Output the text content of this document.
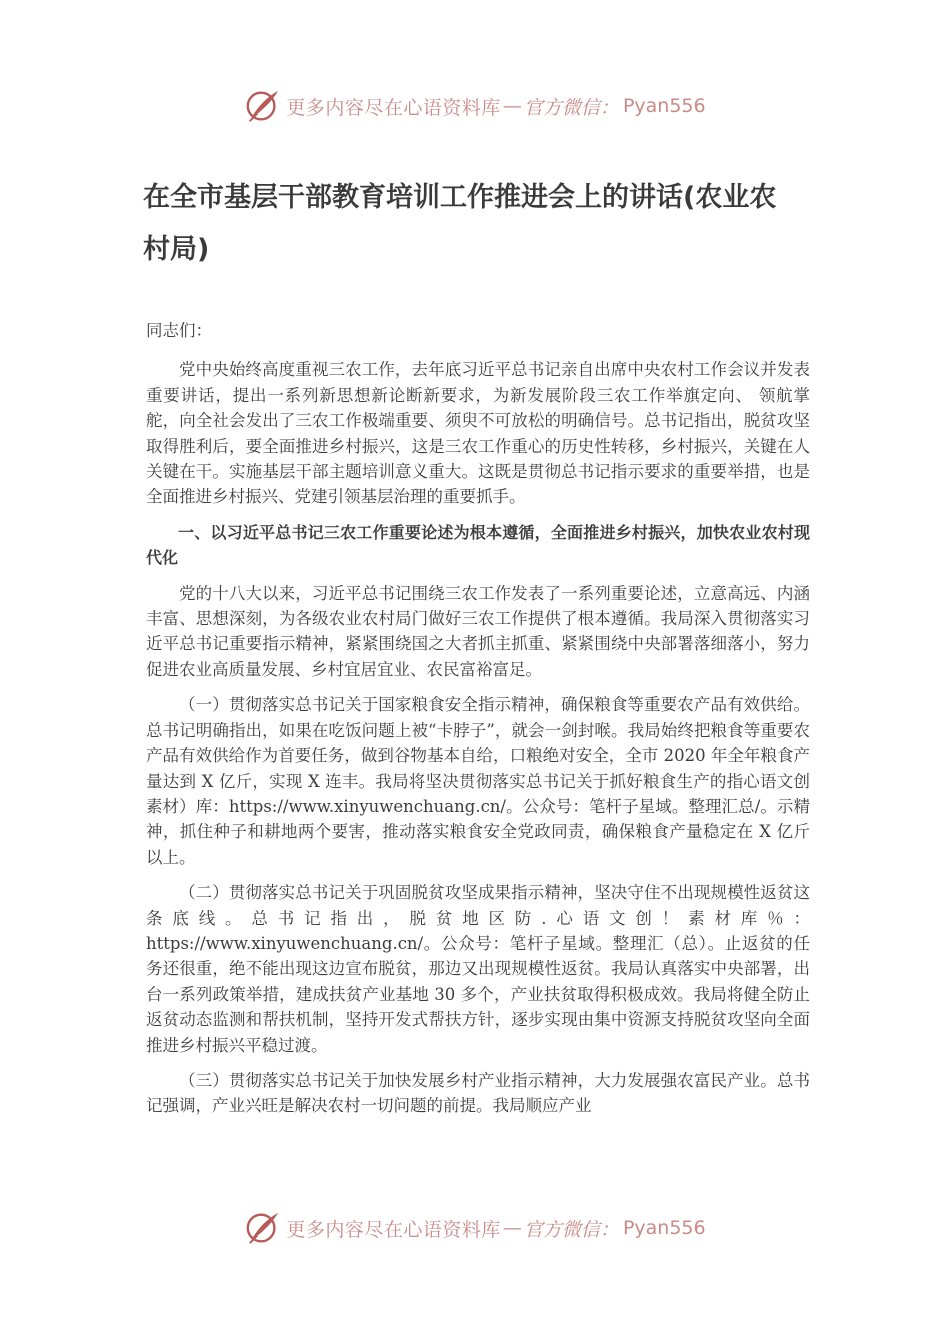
更多内容尽在心语资料库 — 官方微信： Pyan556
在全市基层干部教育培训工作推进会上的讲话(农业农村局)

同志们：

党中央始终高度重视三农工作，去年底习近平总书记亲自出席中央农村工作会议并发表重要讲话，提出一系列新思想新论断新要求，为新发展阶段三农工作举旗定向、 领航掌舵，向全社会发出了三农工作极端重要、须臾不可放松的明确信号。总书记指出，脱贫攻坚取得胜利后，要全面推进乡村振兴，这是三农工作重心的历史性转移，乡村振兴，关键在人关键在干。实施基层干部主题培训意义重大。这既是贯彻总书记指示要求的重要举措，也是全面推进乡村振兴、党建引领基层治理的重要抓手。

一、以习近平总书记三农工作重要论述为根本遵循，全面推进乡村振兴，加快农业农村现代化

党的十八大以来，习近平总书记围绕三农工作发表了一系列重要论述，立意高远、内涵丰富、思想深刻，为各级农业农村局门做好三农工作提供了根本遵循。我局深入贯彻落实习近平总书记重要指示精神，紧紧围绕国之大者抓主抓重、紧紧围绕中央部署落细落小，努力促进农业高质量发展、乡村宜居宜业、农民富裕富足。

（一）贯彻落实总书记关于国家粮食安全指示精神，确保粮食等重要农产品有效供给。总书记明确指出，如果在吃饭问题上被“卡脖子”，就会一剑封喉。我局始终把粮食等重要农产品有效供给作为首要任务，做到谷物基本自给，口粮绝对安全，全市 2020 年全年粮食产量达到 X 亿斤，实现 X 连丰。我局将坚决贯彻落实总书记关于抓好粮食生产的指心语文创素材）库：https://www.xinyuwenchuang.cn/。公众号：笔杆子星域。整理汇总/。示精神，抓住种子和耕地两个要害，推动落实粮食安全党政同责，确保粮食产量稳定在 X 亿斤以上。

（二）贯彻落实总书记关于巩固脱贫攻坚成果指示精神，坚决守住不出现规模性返贫这条底线。总书记指出，脱贫地区防.心语文创！素材库％：https://www.xinyuwenchuang.cn/。公众号：笔杆子星域。整理汇（总）。止返贫的任务还很重，绝不能出现这边宣布脱贫，那边又出现规模性返贫。我局认真落实中央部署，出台一系列政策举措，建成扶贫产业基地 30 多个，产业扶贫取得积极成效。我局将健全防止返贫动态监测和帮扶机制，坚持开发式帮扶方针，逐步实现由集中资源支持脱贫攻坚向全面推进乡村振兴平稳过渡。

（三）贯彻落实总书记关于加快发展乡村产业指示精神，大力发展强农富民产业。总书记强调，产业兴旺是解决农村一切问题的前提。我局顺应产业

更多内容尽在心语资料库 — 官方微信： Pyan556
